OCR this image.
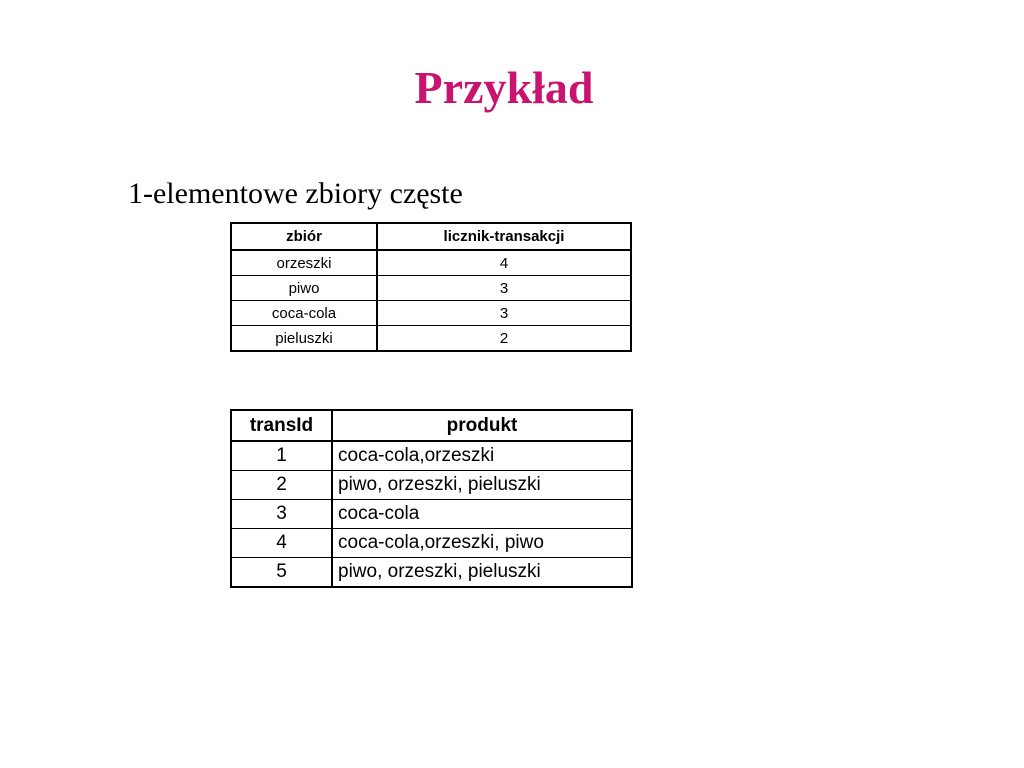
Przykład
1-elementowe zbiory częste
zbiór	licznik-transakcji
orzeszki	4
piwo	3
coca-cola	3
pieluszki	2
transId	produkt
1	coca-cola,orzeszki
2	piwo, orzeszki, pieluszki
3	coca-cola
4	coca-cola,orzeszki, piwo
5	piwo, orzeszki, pieluszki
